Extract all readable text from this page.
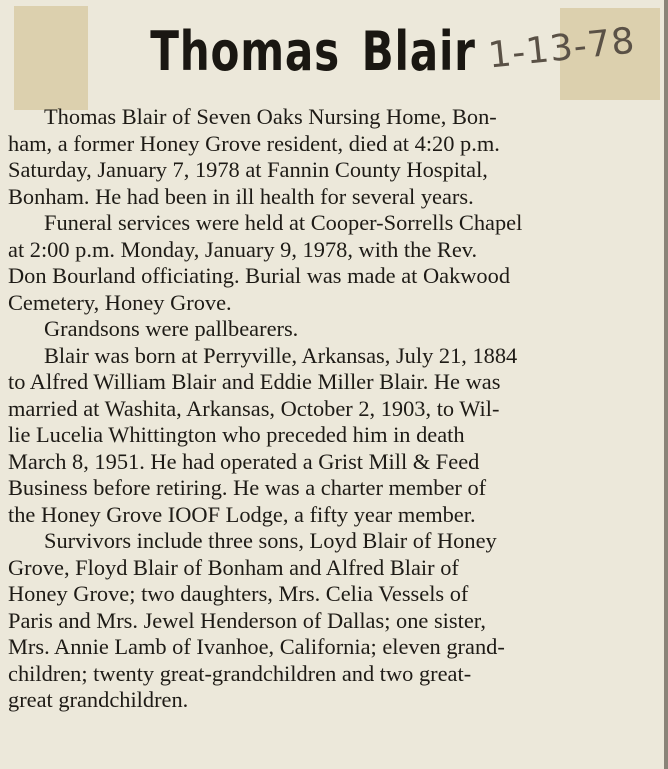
Thomas Blair 1-13-78
Thomas Blair of Seven Oaks Nursing Home, Bon-
ham, a former Honey Grove resident, died at 4:20 p.m.
Saturday, January 7, 1978 at Fannin County Hospital,
Bonham. He had been in ill health for several years.
Funeral services were held at Cooper-Sorrells Chapel
at 2:00 p.m. Monday, January 9, 1978, with the Rev.
Don Bourland officiating. Burial was made at Oakwood
Cemetery, Honey Grove.
Grandsons were pallbearers.
Blair was born at Perryville, Arkansas, July 21, 1884
to Alfred William Blair and Eddie Miller Blair. He was
married at Washita, Arkansas, October 2, 1903, to Wil-
lie Lucelia Whittington who preceded him in death
March 8, 1951. He had operated a Grist Mill & Feed
Business before retiring. He was a charter member of
the Honey Grove IOOF Lodge, a fifty year member.
Survivors include three sons, Loyd Blair of Honey
Grove, Floyd Blair of Bonham and Alfred Blair of
Honey Grove; two daughters, Mrs. Celia Vessels of
Paris and Mrs. Jewel Henderson of Dallas; one sister,
Mrs. Annie Lamb of Ivanhoe, California; eleven grand-
children; twenty great-grandchildren and two great-
great grandchildren.
